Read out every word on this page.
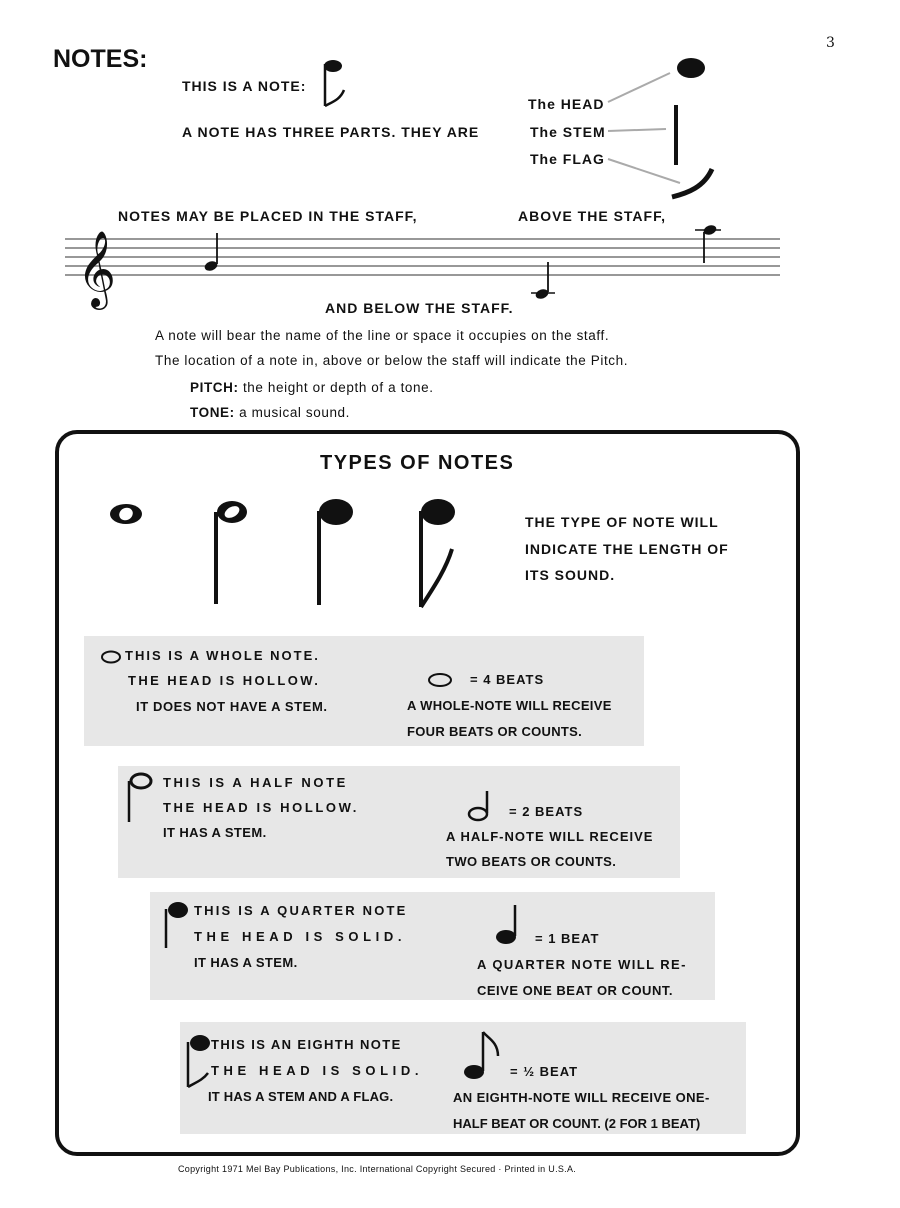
3
NOTES:
THIS IS A NOTE:
A NOTE HAS THREE PARTS. THEY ARE
The HEAD
The STEM
The FLAG
NOTES MAY BE PLACED IN THE STAFF,	ABOVE THE STAFF,
𝄞
AND BELOW THE STAFF.
A note will bear the name of the line or space it occupies on the staff.
The location of a note in, above or below the staff will indicate the Pitch.
PITCH: the height or depth of a tone.
TONE: a musical sound.
TYPES OF NOTES
THE TYPE OF NOTE WILL
INDICATE THE LENGTH OF
ITS SOUND.
THIS IS A WHOLE NOTE.
THE HEAD IS HOLLOW.
IT DOES NOT HAVE A STEM.
= 4 BEATS
A WHOLE-NOTE WILL RECEIVE
FOUR BEATS OR COUNTS.
THIS IS A HALF NOTE
THE HEAD IS HOLLOW.
IT HAS A STEM.
= 2 BEATS
A HALF-NOTE WILL RECEIVE
TWO BEATS OR COUNTS.
THIS IS A QUARTER NOTE
THE HEAD IS SOLID.
IT HAS A STEM.
= 1 BEAT
A QUARTER NOTE WILL RE-
CEIVE ONE BEAT OR COUNT.
THIS IS AN EIGHTH NOTE
THE HEAD IS SOLID.
IT HAS A STEM AND A FLAG.
= ½ BEAT
AN EIGHTH-NOTE WILL RECEIVE ONE-
HALF BEAT OR COUNT. (2 FOR 1 BEAT)
Copyright 1971 Mel Bay Publications, Inc. International Copyright Secured · Printed in U.S.A.
